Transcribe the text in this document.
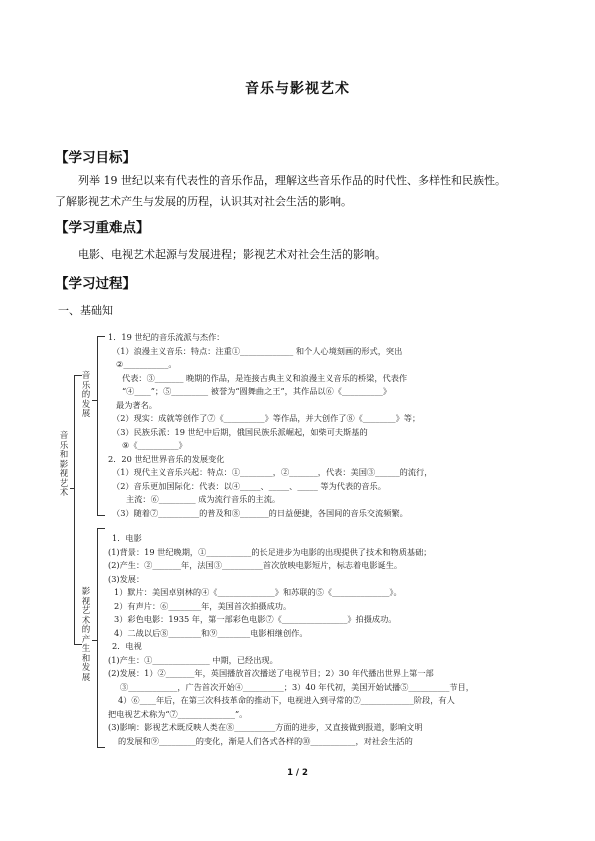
音乐与影视艺术
【学习目标】
列举 19 世纪以来有代表性的音乐作品，理解这些音乐作品的时代性、多样性和民族性。
了解影视艺术产生与发展的历程，认识其对社会生活的影响。
【学习重难点】
电影、电视艺术起源与发展进程；影视艺术对社会生活的影响。
【学习过程】
一、基础知
音乐和影视艺术
音乐的发展
影视艺术的产生和发展
1．19 世纪的音乐流派与杰作：
（1）浪漫主义音乐：特点：注重①_____________ 和个人心境刻画的形式，突出
②___________。
代表：③_______ 晚期的作品，是连接古典主义和浪漫主义音乐的桥梁，代表作
“④____”；⑤_________ 被誉为“圆舞曲之王”，其作品以⑥《__________》
最为著名。
（2）现实：成就等创作了⑦《__________》等作品，并大创作了⑧《________》等；
（3）民族乐派：19 世纪中后期，俄国民族乐派崛起，如柴可夫斯基的
⑨《__________》
2．20 世纪世界音乐的发展变化
（1）现代主义音乐兴起：特点：①________，②_______，代表：美国③______的流行，
（2）音乐更加国际化：代表：以④_____、_____、_____ 等为代表的音乐。
主流：⑥_________ 成为流行音乐的主流。
（3）随着⑦__________的普及和⑧_______的日益便捷，各国间的音乐交流频繁。
1．电影
(1)背景：19 世纪晚期，①___________的长足进步为电影的出现提供了技术和物质基础；
(2)产生：②_______年，法国③__________首次放映电影短片，标志着电影诞生。
(3)发展：
1）默片：美国卓别林的④《______________》和苏联的⑤《______________》。
2）有声片：⑥________年，美国首次拍摄成功。
3）彩色电影：1935 年，第一部彩色电影⑦《________________》拍摄成功。
4）二战以后⑧________和⑨________电影相继创作。
2．电视
(1)产生：①______________ 中期，已经出现。
(2)发展：1）②_______年，英国播放首次播送了电视节目；2）30 年代播出世界上第一部
③____________，广告首次开始④__________；3）40 年代初，美国开始试播⑤__________节目，
4）⑥____年后，在第三次科技革命的推动下，电视进入到寻常的⑦_____________阶段，有人
把电视艺术称为“⑦______________”。
(3)影响：影视艺术既反映人类在⑧__________方面的进步，又直接做到报道，影响文明
的发展和⑨_________的变化，渐是人们各式各样的⑩___________，对社会生活的
1 / 2
